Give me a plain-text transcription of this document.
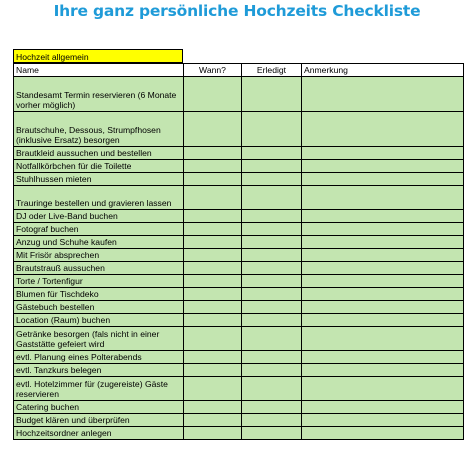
Ihre ganz persönliche Hochzeits Checkliste
Hochzeit allgemein
Name	Wann?	Erledigt	Anmerkung
Standesamt Termin reservieren (6 Monate vorher möglich)			
Brautschuhe, Dessous, Strumpfhosen (inklusive Ersatz) besorgen			
Brautkleid aussuchen und bestellen			
Notfallkörbchen für die Toilette			
Stuhlhussen mieten			
Trauringe bestellen und gravieren lassen			
DJ oder Live-Band buchen			
Fotograf buchen			
Anzug und Schuhe kaufen			
Mit Frisör absprechen			
Brautstrauß aussuchen			
Torte / Tortenfigur			
Blumen für Tischdeko			
Gästebuch bestellen			
Location (Raum) buchen			
Getränke besorgen (fals nicht in einer Gaststätte gefeiert wird			
evtl. Planung eines Polterabends			
evtl. Tanzkurs belegen			
evtl. Hotelzimmer für (zugereiste) Gäste reservieren			
Catering buchen			
Budget klären und überprüfen			
Hochzeitsordner anlegen			
